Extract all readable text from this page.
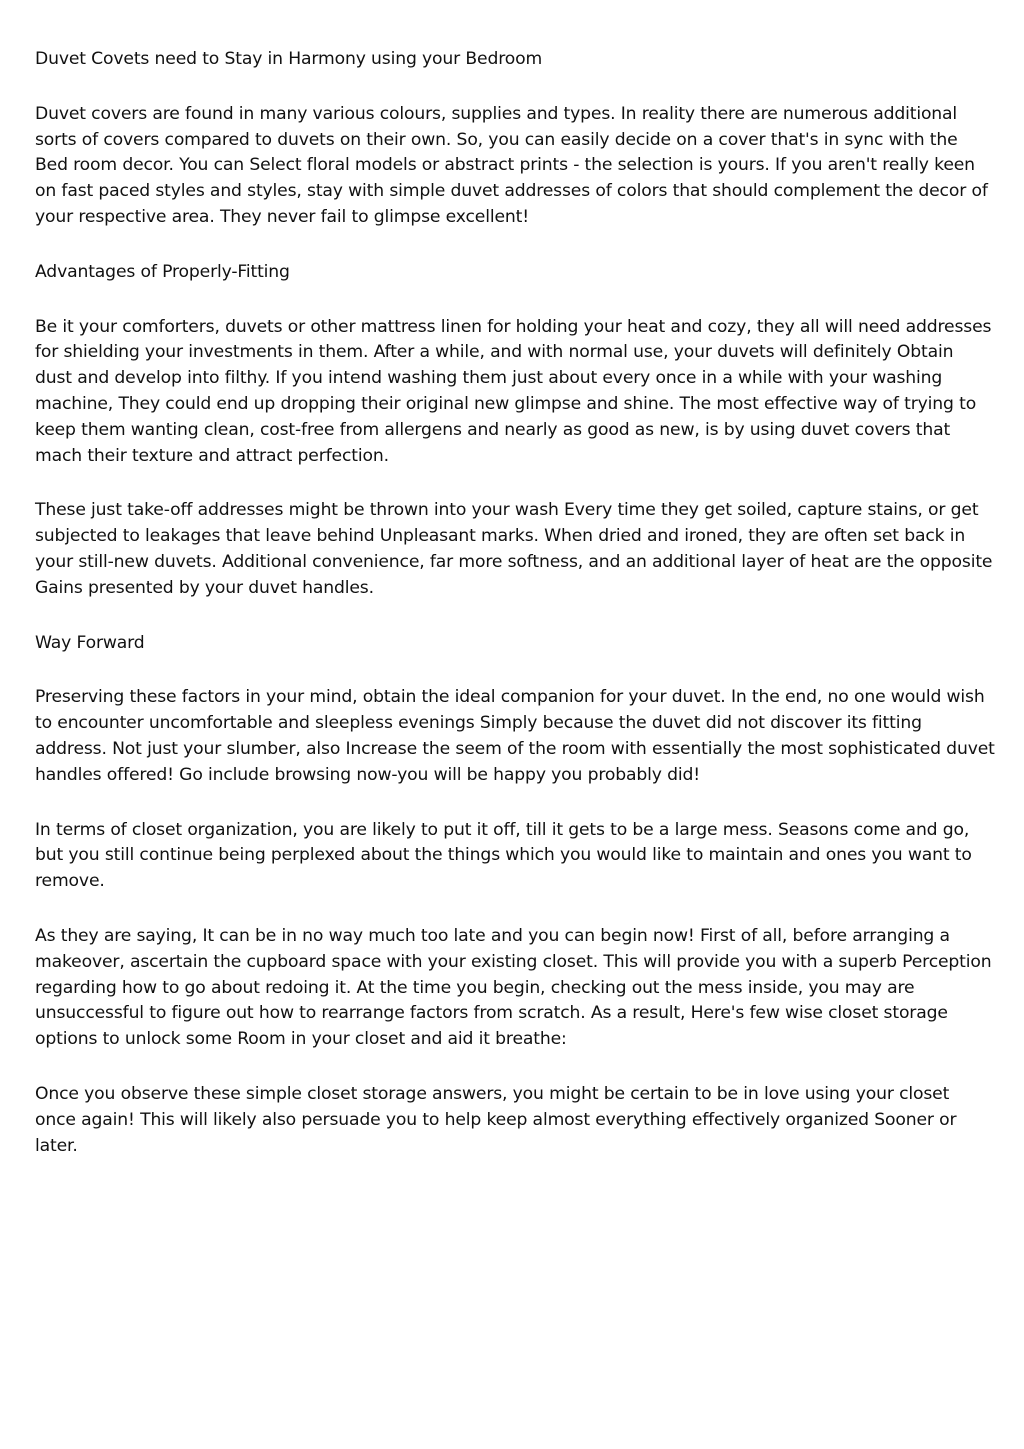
Duvet Covets need to Stay in Harmony using your Bedroom

Duvet covers are found in many various colours, supplies and types. In reality there are numerous additional sorts of covers compared to duvets on their own. So, you can easily decide on a cover that's in sync with the Bed room decor. You can Select floral models or abstract prints - the selection is yours. If you aren't really keen on fast paced styles and styles, stay with simple duvet addresses of colors that should complement the decor of your respective area. They never fail to glimpse excellent!

Advantages of Properly-Fitting

Be it your comforters, duvets or other mattress linen for holding your heat and cozy, they all will need addresses for shielding your investments in them. After a while, and with normal use, your duvets will definitely Obtain dust and develop into filthy. If you intend washing them just about every once in a while with your washing machine, They could end up dropping their original new glimpse and shine. The most effective way of trying to keep them wanting clean, cost-free from allergens and nearly as good as new, is by using duvet covers that mach their texture and attract perfection.

These just take-off addresses might be thrown into your wash Every time they get soiled, capture stains, or get subjected to leakages that leave behind Unpleasant marks. When dried and ironed, they are often set back in your still-new duvets. Additional convenience, far more softness, and an additional layer of heat are the opposite Gains presented by your duvet handles.

Way Forward

Preserving these factors in your mind, obtain the ideal companion for your duvet. In the end, no one would wish to encounter uncomfortable and sleepless evenings Simply because the duvet did not discover its fitting address. Not just your slumber, also Increase the seem of the room with essentially the most sophisticated duvet handles offered! Go include browsing now-you will be happy you probably did!

In terms of closet organization, you are likely to put it off, till it gets to be a large mess. Seasons come and go, but you still continue being perplexed about the things which you would like to maintain and ones you want to remove.

As they are saying, It can be in no way much too late and you can begin now! First of all, before arranging a makeover, ascertain the cupboard space with your existing closet. This will provide you with a superb Perception regarding how to go about redoing it. At the time you begin, checking out the mess inside, you may are unsuccessful to figure out how to rearrange factors from scratch. As a result, Here's few wise closet storage options to unlock some Room in your closet and aid it breathe:

Once you observe these simple closet storage answers, you might be certain to be in love using your closet once again! This will likely also persuade you to help keep almost everything effectively organized Sooner or later.
